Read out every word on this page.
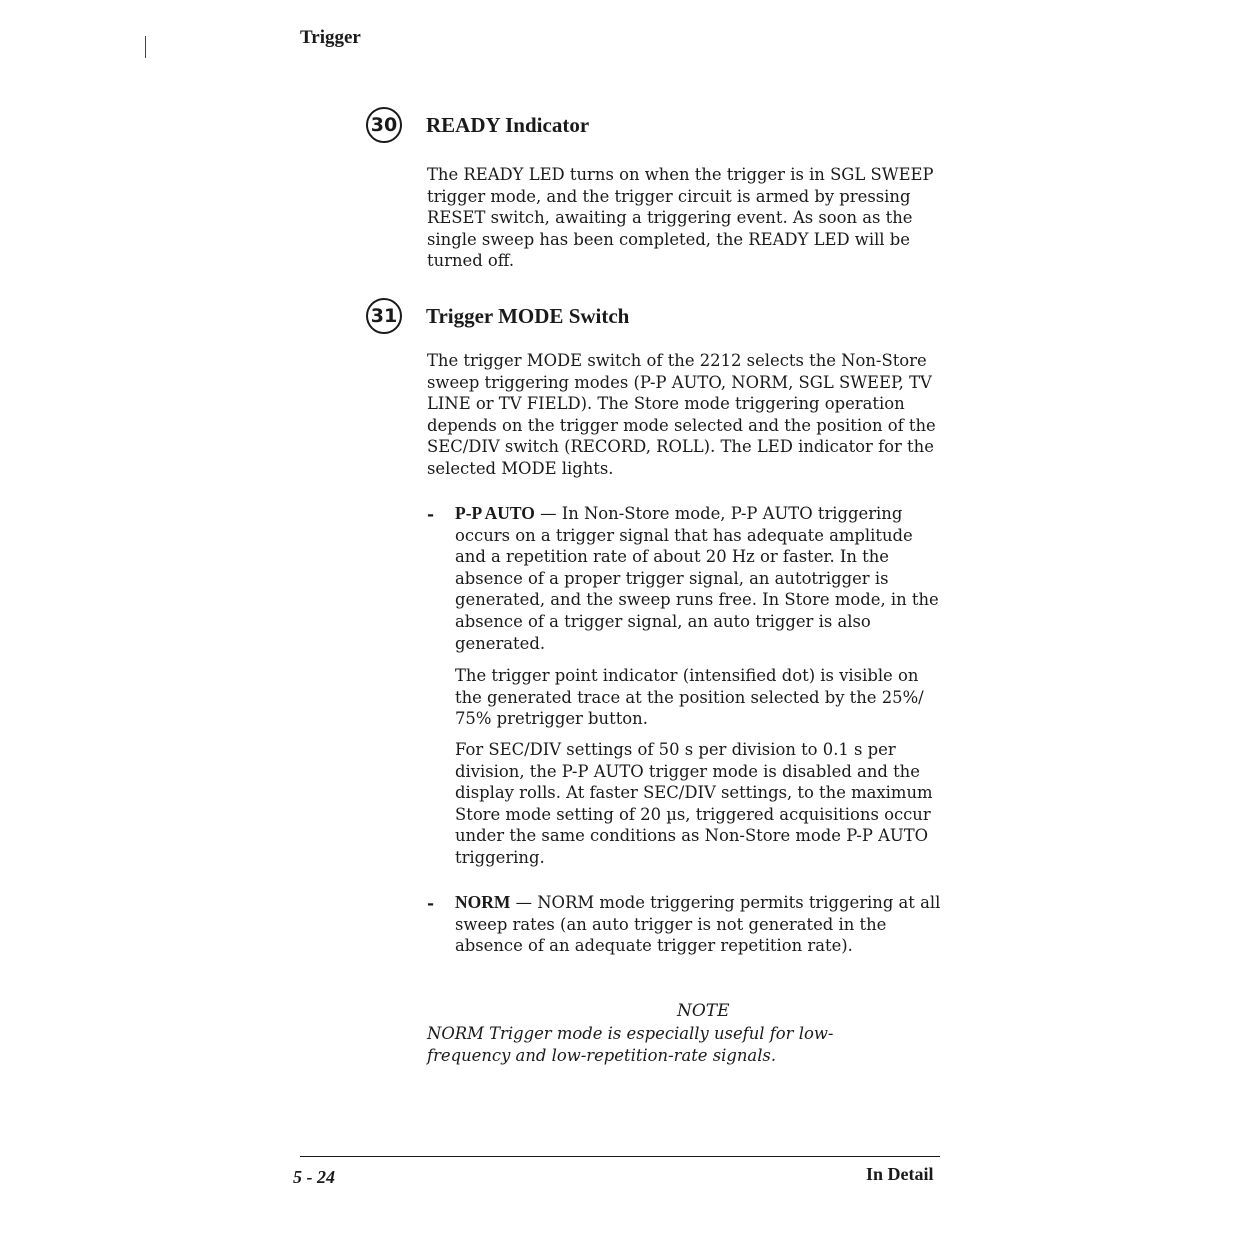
Trigger
30 READY Indicator

The READY LED turns on when the trigger is in SGL SWEEP trigger mode, and the trigger circuit is armed by pressing RESET switch, awaiting a triggering event. As soon as the single sweep has been completed, the READY LED will be turned off.

31 Trigger MODE Switch

The trigger MODE switch of the 2212 selects the Non-Store sweep triggering modes (P-P AUTO, NORM, SGL SWEEP, TV LINE or TV FIELD). The Store mode triggering operation depends on the trigger mode selected and the position of the SEC/DIV switch (RECORD, ROLL). The LED indicator for the selected MODE lights.

- P-P AUTO — In Non-Store mode, P-P AUTO triggering occurs on a trigger signal that has adequate amplitude and a repetition rate of about 20 Hz or faster. In the absence of a proper trigger signal, an autotrigger is generated, and the sweep runs free. In Store mode, in the absence of a trigger signal, an auto trigger is also generated.

The trigger point indicator (intensified dot) is visible on the generated trace at the position selected by the 25%/ 75% pretrigger button.

For SEC/DIV settings of 50 s per division to 0.1 s per division, the P-P AUTO trigger mode is disabled and the display rolls. At faster SEC/DIV settings, to the maximum Store mode setting of 20 µs, triggered acquisitions occur under the same conditions as Non-Store mode P-P AUTO triggering.

- NORM — NORM mode triggering permits triggering at all sweep rates (an auto trigger is not generated in the absence of an adequate trigger repetition rate).

NOTE

NORM Trigger mode is especially useful for low-frequency and low-repetition-rate signals.

5 - 24	In Detail
